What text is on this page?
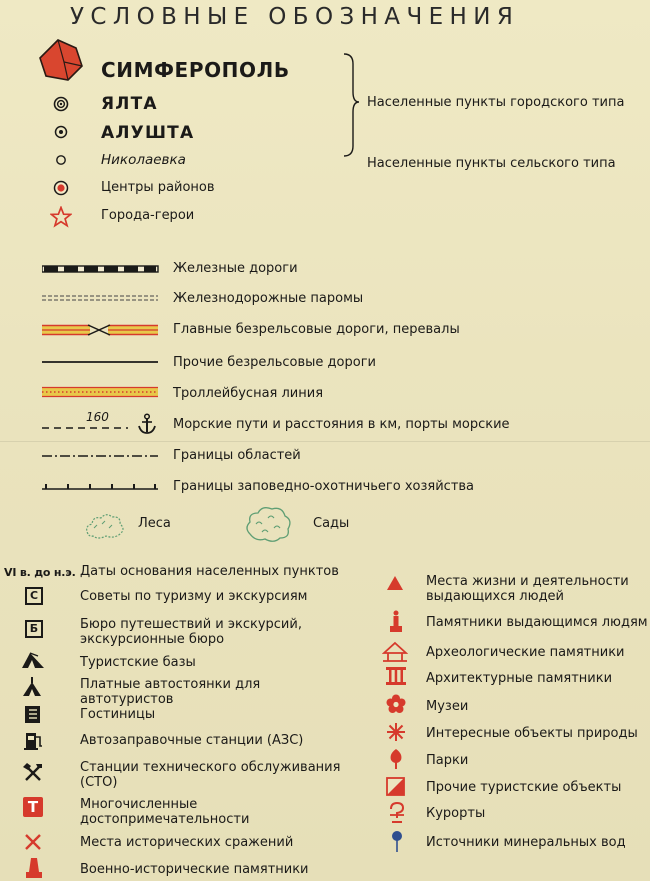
УСЛОВНЫЕ ОБОЗНАЧЕНИЯ
СИМФЕРОПОЛЬ
ЯЛТА
АЛУШТА
Николаевка
Центры районов
Города-герои
Населенные пункты городского типа
Населенные пункты сельского типа
Железные дороги
Железнодорожные паромы
Главные безрельсовые дороги, перевалы
Прочие безрельсовые дороги
Троллейбусная линия
160	Морские пути и расстояния в км, порты морские
Границы областей
Границы заповедно-охотничьего хозяйства
Леса	Сады
VI в. до н.э. Даты основания населенных пунктов
С	Советы по туризму и экскурсиям
Б	Бюро путешествий и экскурсий, экскурсионные бюро
Туристские базы
Платные автостоянки для автотуристов
Гостиницы
Автозаправочные станции (АЗС)
Станции технического обслуживания (СТО)
Т	Многочисленные достопримечательности
Места исторических сражений
Военно-исторические памятники
Места жизни и деятельности выдающихся людей
Памятники выдающимся людям
Археологические памятники
Архитектурные памятники
Музеи
Интересные объекты природы
Парки
Прочие туристские объекты
Курорты
Источники минеральных вод
